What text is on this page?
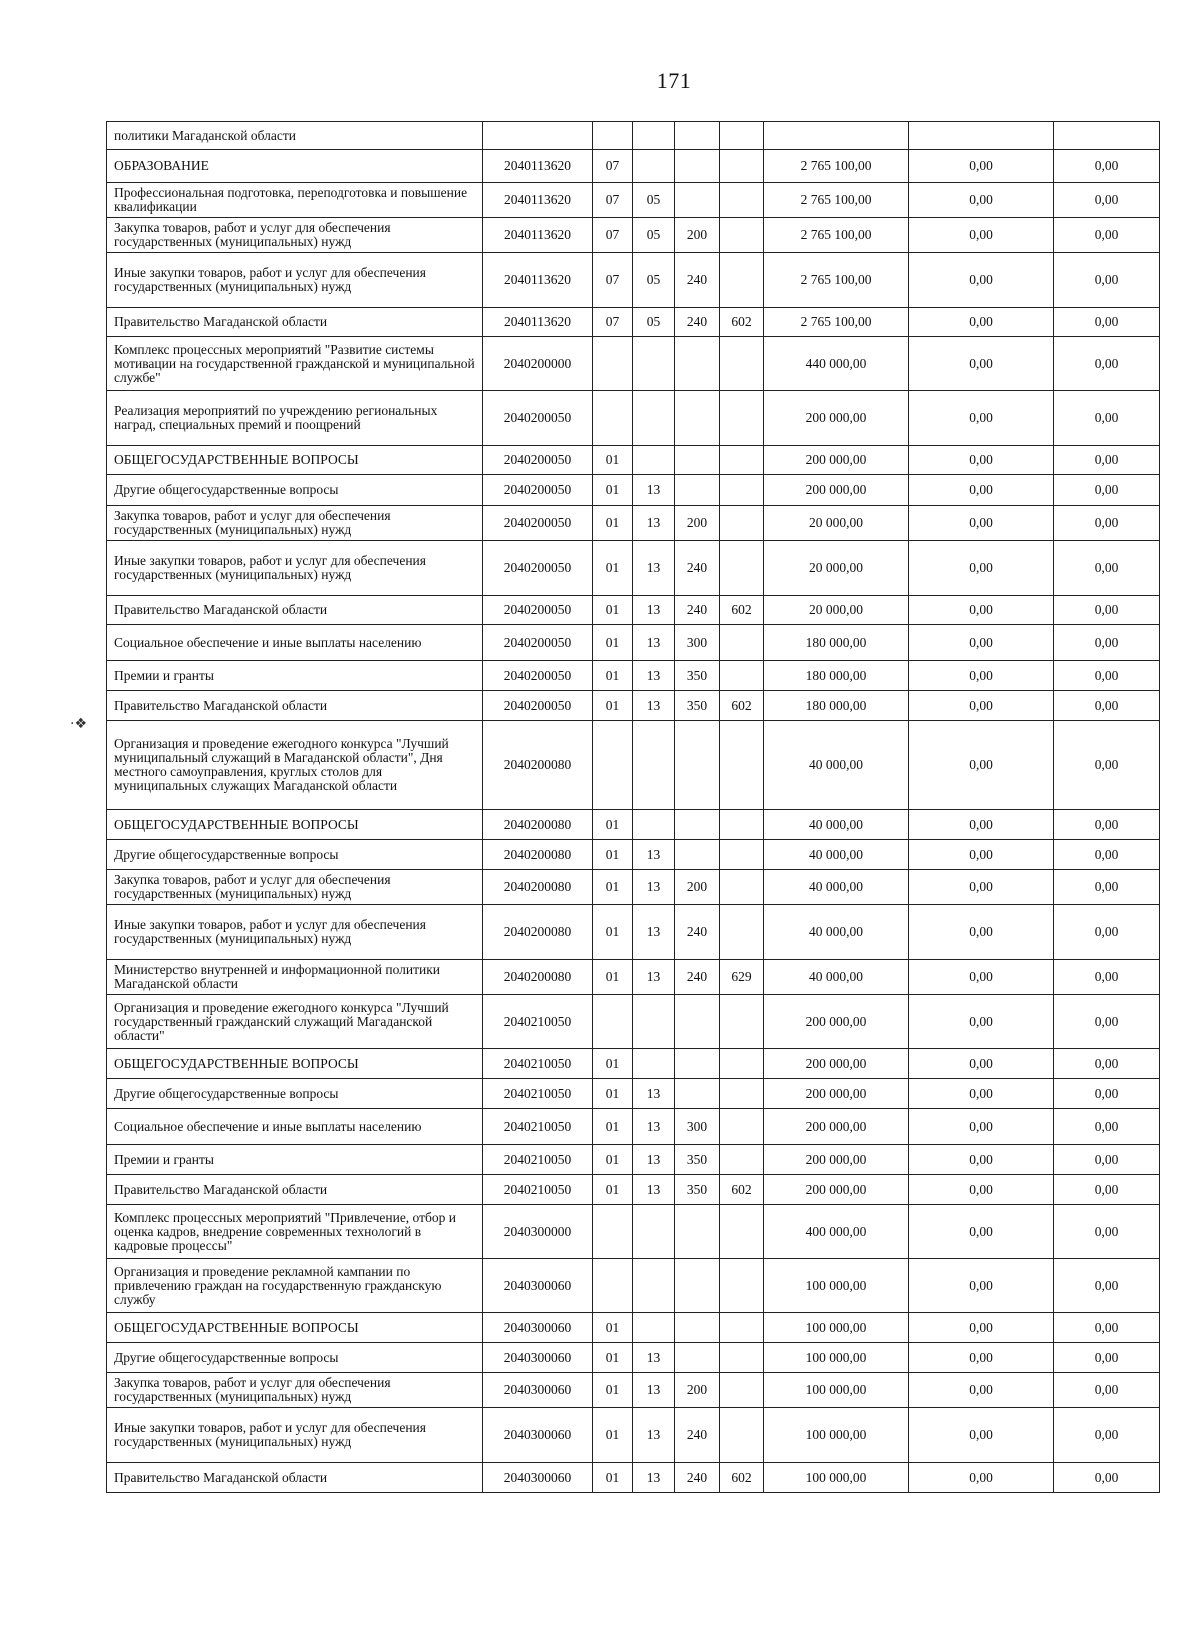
171
·❖
политики Магаданской области								
ОБРАЗОВАНИЕ	2040113620	07				2 765 100,00	0,00	0,00
Профессиональная подготовка, переподготовка и повышение квалификации	2040113620	07	05			2 765 100,00	0,00	0,00
Закупка товаров, работ и услуг для обеспечения государственных (муниципальных) нужд	2040113620	07	05	200		2 765 100,00	0,00	0,00
Иные закупки товаров, работ и услуг для обеспечения государственных (муниципальных) нужд	2040113620	07	05	240		2 765 100,00	0,00	0,00
Правительство Магаданской области	2040113620	07	05	240	602	2 765 100,00	0,00	0,00
Комплекс процессных мероприятий "Развитие системы мотивации на государственной гражданской и муниципальной службе"	2040200000					440 000,00	0,00	0,00
Реализация мероприятий по учреждению региональных наград, специальных премий и поощрений	2040200050					200 000,00	0,00	0,00
ОБЩЕГОСУДАРСТВЕННЫЕ ВОПРОСЫ	2040200050	01				200 000,00	0,00	0,00
Другие общегосударственные вопросы	2040200050	01	13			200 000,00	0,00	0,00
Закупка товаров, работ и услуг для обеспечения государственных (муниципальных) нужд	2040200050	01	13	200		20 000,00	0,00	0,00
Иные закупки товаров, работ и услуг для обеспечения государственных (муниципальных) нужд	2040200050	01	13	240		20 000,00	0,00	0,00
Правительство Магаданской области	2040200050	01	13	240	602	20 000,00	0,00	0,00
Социальное обеспечение и иные выплаты населению	2040200050	01	13	300		180 000,00	0,00	0,00
Премии и гранты	2040200050	01	13	350		180 000,00	0,00	0,00
Правительство Магаданской области	2040200050	01	13	350	602	180 000,00	0,00	0,00
Организация и проведение ежегодного конкурса "Лучший муниципальный служащий в Магаданской области", Дня местного самоуправления, круглых столов для муниципальных служащих Магаданской области	2040200080					40 000,00	0,00	0,00
ОБЩЕГОСУДАРСТВЕННЫЕ ВОПРОСЫ	2040200080	01				40 000,00	0,00	0,00
Другие общегосударственные вопросы	2040200080	01	13			40 000,00	0,00	0,00
Закупка товаров, работ и услуг для обеспечения государственных (муниципальных) нужд	2040200080	01	13	200		40 000,00	0,00	0,00
Иные закупки товаров, работ и услуг для обеспечения государственных (муниципальных) нужд	2040200080	01	13	240		40 000,00	0,00	0,00
Министерство внутренней и информационной политики Магаданской области	2040200080	01	13	240	629	40 000,00	0,00	0,00
Организация и проведение ежегодного конкурса "Лучший государственный гражданский служащий Магаданской области"	2040210050					200 000,00	0,00	0,00
ОБЩЕГОСУДАРСТВЕННЫЕ ВОПРОСЫ	2040210050	01				200 000,00	0,00	0,00
Другие общегосударственные вопросы	2040210050	01	13			200 000,00	0,00	0,00
Социальное обеспечение и иные выплаты населению	2040210050	01	13	300		200 000,00	0,00	0,00
Премии и гранты	2040210050	01	13	350		200 000,00	0,00	0,00
Правительство Магаданской области	2040210050	01	13	350	602	200 000,00	0,00	0,00
Комплекс процессных мероприятий "Привлечение, отбор и оценка кадров, внедрение современных технологий в кадровые процессы"	2040300000					400 000,00	0,00	0,00
Организация и проведение рекламной кампании по привлечению граждан на государственную гражданскую службу	2040300060					100 000,00	0,00	0,00
ОБЩЕГОСУДАРСТВЕННЫЕ ВОПРОСЫ	2040300060	01				100 000,00	0,00	0,00
Другие общегосударственные вопросы	2040300060	01	13			100 000,00	0,00	0,00
Закупка товаров, работ и услуг для обеспечения государственных (муниципальных) нужд	2040300060	01	13	200		100 000,00	0,00	0,00
Иные закупки товаров, работ и услуг для обеспечения государственных (муниципальных) нужд	2040300060	01	13	240		100 000,00	0,00	0,00
Правительство Магаданской области	2040300060	01	13	240	602	100 000,00	0,00	0,00
